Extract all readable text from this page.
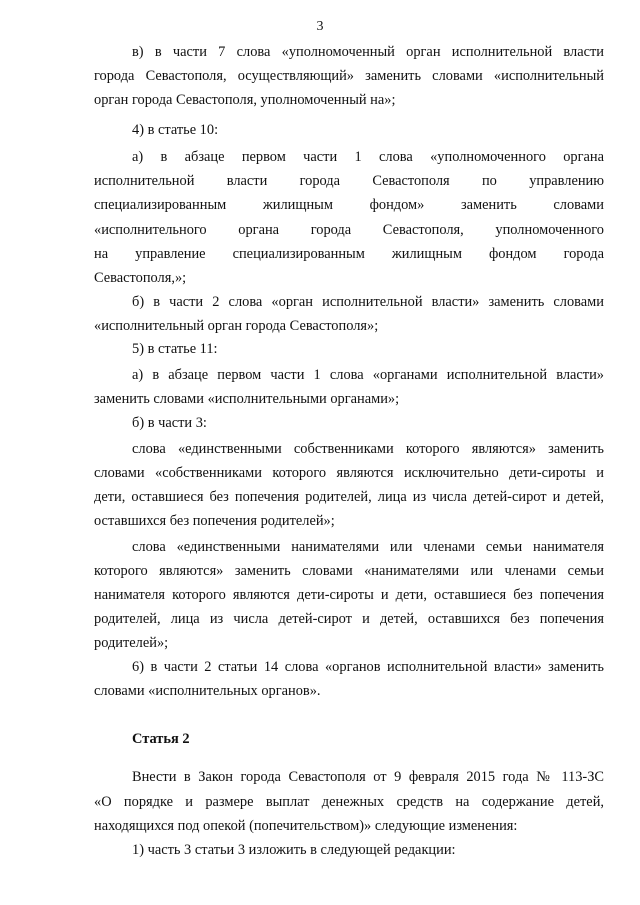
3
в) в части 7 слова «уполномоченный орган исполнительной власти
города Севастополя, осуществляющий» заменить словами «исполнительный
орган города Севастополя, уполномоченный на»;
4) в статье 10:
а) в абзаце первом части 1 слова «уполномоченного органа
исполнительной власти города Севастополя по управлению
специализированным жилищным фондом» заменить словами
«исполнительного органа города Севастополя, уполномоченного
на управление специализированным жилищным фондом города
Севастополя,»;
б) в части 2 слова «орган исполнительной власти» заменить словами
«исполнительный орган города Севастополя»;
5) в статье 11:
а) в абзаце первом части 1 слова «органами исполнительной власти»
заменить словами «исполнительными органами»;
б) в части 3:
слова «единственными собственниками которого являются» заменить
словами «собственниками которого являются исключительно дети-сироты и
дети, оставшиеся без попечения родителей, лица из числа детей-сирот и детей,
оставшихся без попечения родителей»;
слова «единственными нанимателями или членами семьи нанимателя
которого являются» заменить словами «нанимателями или членами семьи
нанимателя которого являются дети-сироты и дети, оставшиеся без попечения
родителей, лица из числа детей-сирот и детей, оставшихся без попечения
родителей»;
6) в части 2 статьи 14 слова «органов исполнительной власти» заменить
словами «исполнительных органов».
Статья 2
Внести в Закон города Севастополя от 9 февраля 2015 года № 113-ЗС
«О порядке и размере выплат денежных средств на содержание детей,
находящихся под опекой (попечительством)» следующие изменения:
1) часть 3 статьи 3 изложить в следующей редакции:
